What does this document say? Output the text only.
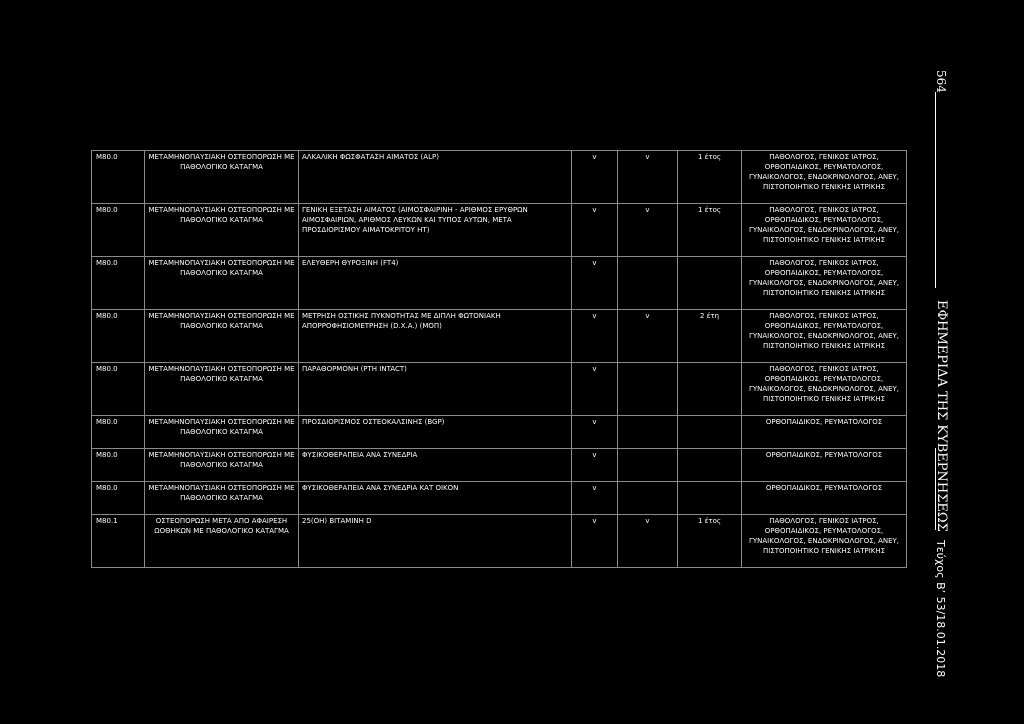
M80.0	ΜΕΤΑΜΗΝΟΠΑΥΣΙΑΚΗ ΟΣΤΕΟΠΟΡΩΣΗ ΜΕ ΠΑΘΟΛΟΓΙΚΟ ΚΑΤΑΓΜΑ	ΑΛΚΑΛΙΚΗ ΦΩΣΦΑΤΑΣΗ ΑΙΜΑΤΟΣ (ALP)	v	v	1 έτος	ΠΑΘΟΛΟΓΟΣ, ΓΕΝΙΚΟΣ ΙΑΤΡΟΣ, ΟΡΘΟΠΑΙΔΙΚΟΣ, ΡΕΥΜΑΤΟΛΟΓΟΣ, ΓΥΝΑΙΚΟΛΟΓΟΣ, ΕΝΔΟΚΡΙΝΟΛΟΓΟΣ, ΑΝΕΥ, ΠΙΣΤΟΠΟΙΗΤΙΚΟ ΓΕΝΙΚΗΣ ΙΑΤΡΙΚΗΣ
M80.0	ΜΕΤΑΜΗΝΟΠΑΥΣΙΑΚΗ ΟΣΤΕΟΠΟΡΩΣΗ ΜΕ ΠΑΘΟΛΟΓΙΚΟ ΚΑΤΑΓΜΑ	ΓΕΝΙΚΗ ΕΞΕΤΑΣΗ ΑΙΜΑΤΟΣ (ΑΙΜΟΣΦΑΙΡΙΝΗ - ΑΡΙΘΜΟΣ ΕΡΥΘΡΩΝ ΑΙΜΟΣΦΑΙΡΙΩΝ, ΑΡΙΘΜΟΣ ΛΕΥΚΩΝ ΚΑΙ ΤΥΠΟΣ ΑΥΤΩΝ, ΜΕΤΑ ΠΡΟΣΔΙΟΡΙΣΜΟΥ ΑΙΜΑΤΟΚΡΙΤΟΥ HT)	v	v	1 έτος	ΠΑΘΟΛΟΓΟΣ, ΓΕΝΙΚΟΣ ΙΑΤΡΟΣ, ΟΡΘΟΠΑΙΔΙΚΟΣ, ΡΕΥΜΑΤΟΛΟΓΟΣ, ΓΥΝΑΙΚΟΛΟΓΟΣ, ΕΝΔΟΚΡΙΝΟΛΟΓΟΣ, ΑΝΕΥ, ΠΙΣΤΟΠΟΙΗΤΙΚΟ ΓΕΝΙΚΗΣ ΙΑΤΡΙΚΗΣ
M80.0	ΜΕΤΑΜΗΝΟΠΑΥΣΙΑΚΗ ΟΣΤΕΟΠΟΡΩΣΗ ΜΕ ΠΑΘΟΛΟΓΙΚΟ ΚΑΤΑΓΜΑ	ΕΛΕΥΘΕΡΗ ΘΥΡΟΞΙΝΗ (FT4)	v			ΠΑΘΟΛΟΓΟΣ, ΓΕΝΙΚΟΣ ΙΑΤΡΟΣ, ΟΡΘΟΠΑΙΔΙΚΟΣ, ΡΕΥΜΑΤΟΛΟΓΟΣ, ΓΥΝΑΙΚΟΛΟΓΟΣ, ΕΝΔΟΚΡΙΝΟΛΟΓΟΣ, ΑΝΕΥ, ΠΙΣΤΟΠΟΙΗΤΙΚΟ ΓΕΝΙΚΗΣ ΙΑΤΡΙΚΗΣ
M80.0	ΜΕΤΑΜΗΝΟΠΑΥΣΙΑΚΗ ΟΣΤΕΟΠΟΡΩΣΗ ΜΕ ΠΑΘΟΛΟΓΙΚΟ ΚΑΤΑΓΜΑ	ΜΕΤΡΗΣΗ ΟΣΤΙΚΗΣ ΠΥΚΝΟΤΗΤΑΣ ΜΕ ΔΙΠΛΗ ΦΩΤΟΝΙΑΚΗ ΑΠΟΡΡΟΦΗΣΙΟΜΕΤΡΗΣΗ (D.X.A.) (ΜΟΠ)	v	v	2 έτη	ΠΑΘΟΛΟΓΟΣ, ΓΕΝΙΚΟΣ ΙΑΤΡΟΣ, ΟΡΘΟΠΑΙΔΙΚΟΣ, ΡΕΥΜΑΤΟΛΟΓΟΣ, ΓΥΝΑΙΚΟΛΟΓΟΣ, ΕΝΔΟΚΡΙΝΟΛΟΓΟΣ, ΑΝΕΥ, ΠΙΣΤΟΠΟΙΗΤΙΚΟ ΓΕΝΙΚΗΣ ΙΑΤΡΙΚΗΣ
M80.0	ΜΕΤΑΜΗΝΟΠΑΥΣΙΑΚΗ ΟΣΤΕΟΠΟΡΩΣΗ ΜΕ ΠΑΘΟΛΟΓΙΚΟ ΚΑΤΑΓΜΑ	ΠΑΡΑΘΟΡΜΟΝΗ (PTH INTACT)	v			ΠΑΘΟΛΟΓΟΣ, ΓΕΝΙΚΟΣ ΙΑΤΡΟΣ, ΟΡΘΟΠΑΙΔΙΚΟΣ, ΡΕΥΜΑΤΟΛΟΓΟΣ, ΓΥΝΑΙΚΟΛΟΓΟΣ, ΕΝΔΟΚΡΙΝΟΛΟΓΟΣ, ΑΝΕΥ, ΠΙΣΤΟΠΟΙΗΤΙΚΟ ΓΕΝΙΚΗΣ ΙΑΤΡΙΚΗΣ
M80.0	ΜΕΤΑΜΗΝΟΠΑΥΣΙΑΚΗ ΟΣΤΕΟΠΟΡΩΣΗ ΜΕ ΠΑΘΟΛΟΓΙΚΟ ΚΑΤΑΓΜΑ	ΠΡΟΣΔΙΟΡΙΣΜΟΣ ΟΣΤΕΟΚΑΛΣΙΝΗΣ (BGP)	v			ΟΡΘΟΠΑΙΔΙΚΟΣ, ΡΕΥΜΑΤΟΛΟΓΟΣ
M80.0	ΜΕΤΑΜΗΝΟΠΑΥΣΙΑΚΗ ΟΣΤΕΟΠΟΡΩΣΗ ΜΕ ΠΑΘΟΛΟΓΙΚΟ ΚΑΤΑΓΜΑ	ΦΥΣΙΚΟΘΕΡΑΠΕΙΑ ΑΝΑ ΣΥΝΕΔΡΙΑ	v			ΟΡΘΟΠΑΙΔΙΚΟΣ, ΡΕΥΜΑΤΟΛΟΓΟΣ
M80.0	ΜΕΤΑΜΗΝΟΠΑΥΣΙΑΚΗ ΟΣΤΕΟΠΟΡΩΣΗ ΜΕ ΠΑΘΟΛΟΓΙΚΟ ΚΑΤΑΓΜΑ	ΦΥΣΙΚΟΘΕΡΑΠΕΙΑ ΑΝΑ ΣΥΝΕΔΡΙΑ ΚΑΤ ΟΙΚΟΝ	v			ΟΡΘΟΠΑΙΔΙΚΟΣ, ΡΕΥΜΑΤΟΛΟΓΟΣ
M80.1	ΟΣΤΕΟΠΟΡΩΣΗ ΜΕΤΑ ΑΠΟ ΑΦΑΙΡΕΣΗ ΩΟΘΗΚΩΝ ΜΕ ΠΑΘΟΛΟΓΙΚΟ ΚΑΤΑΓΜΑ	25(OH) ΒΙΤΑΜΙΝΗ D	v	v	1 έτος	ΠΑΘΟΛΟΓΟΣ, ΓΕΝΙΚΟΣ ΙΑΤΡΟΣ, ΟΡΘΟΠΑΙΔΙΚΟΣ, ΡΕΥΜΑΤΟΛΟΓΟΣ, ΓΥΝΑΙΚΟΛΟΓΟΣ, ΕΝΔΟΚΡΙΝΟΛΟΓΟΣ, ΑΝΕΥ, ΠΙΣΤΟΠΟΙΗΤΙΚΟ ΓΕΝΙΚΗΣ ΙΑΤΡΙΚΗΣ
564
ΕΦΗΜΕΡΙΔΑ ΤΗΣ ΚΥΒΕΡΝΗΣΕΩΣ
Τεύχος Β’ 53/18.01.2018
